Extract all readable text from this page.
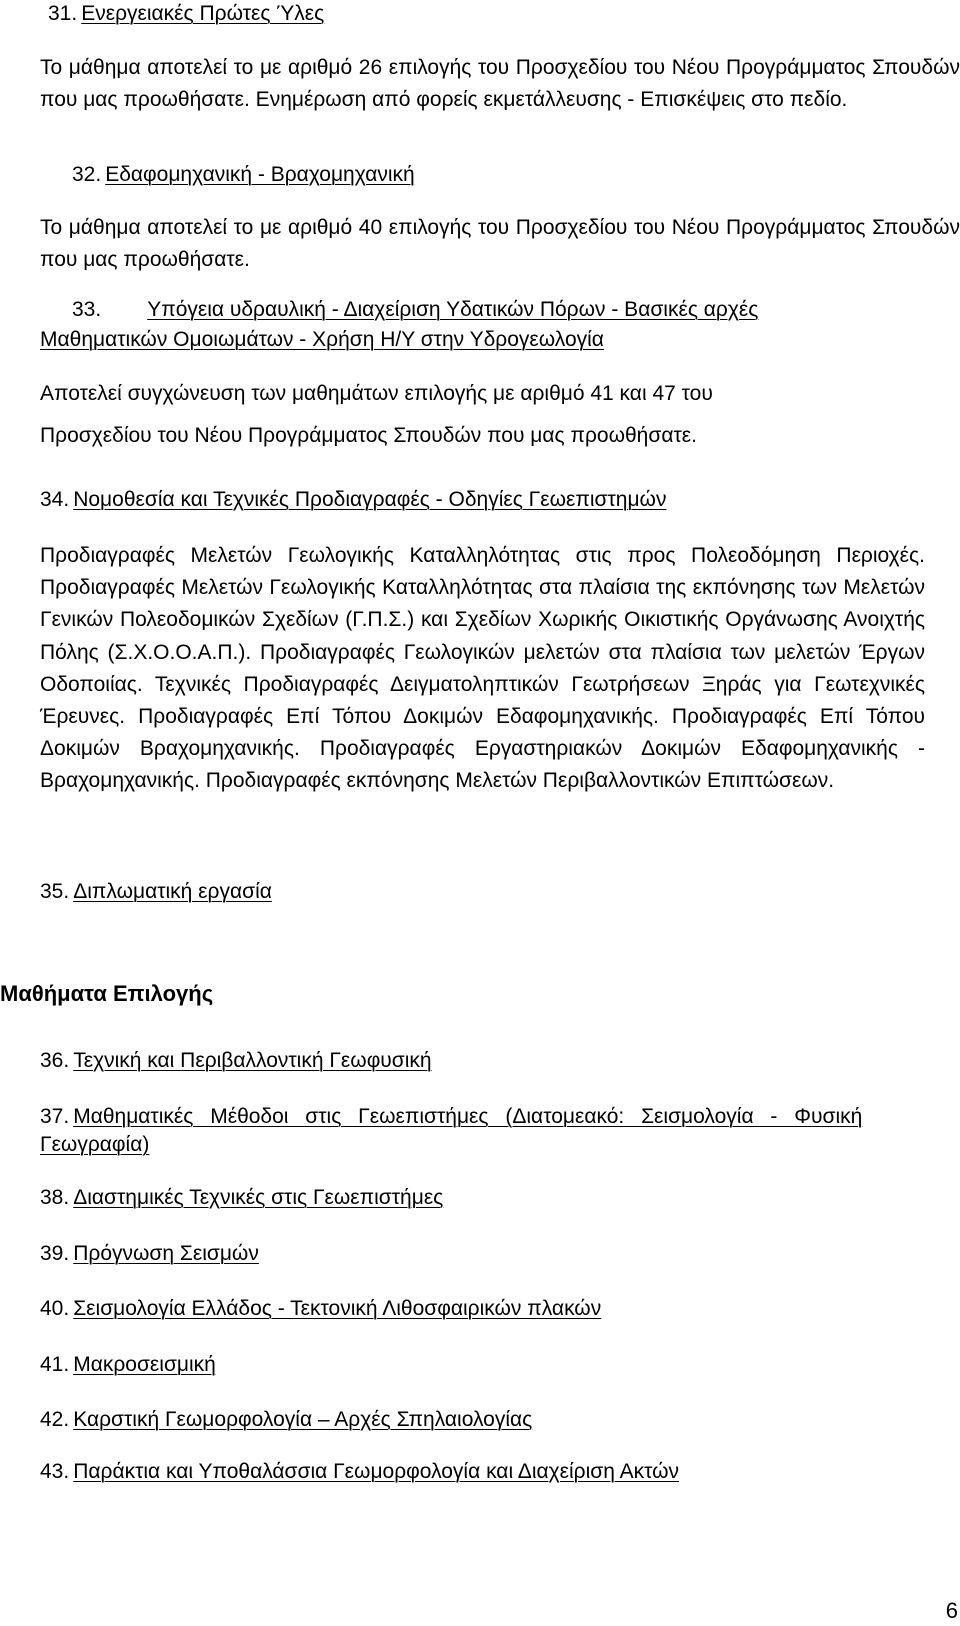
31. Ενεργειακές Πρώτες Ύλες

Το μάθημα αποτελεί το με αριθμό 26 επιλογής του Προσχεδίου του Νέου Προγράμματος Σπουδών που μας προωθήσατε. Ενημέρωση από φορείς εκμετάλλευσης - Επισκέψεις στο πεδίο.

32. Εδαφομηχανική - Βραχομηχανική

Το μάθημα αποτελεί το με αριθμό 40 επιλογής του Προσχεδίου του Νέου Προγράμματος Σπουδών που μας προωθήσατε.

33. Υπόγεια υδραυλική - Διαχείριση Υδατικών Πόρων - Βασικές αρχές
Μαθηματικών Ομοιωμάτων - Χρήση Η/Υ στην Υδρογεωλογία

Αποτελεί συγχώνευση των μαθημάτων επιλογής με αριθμό 41 και 47 του Προσχεδίου του Νέου Προγράμματος Σπουδών που μας προωθήσατε.

34. Νομοθεσία και Τεχνικές Προδιαγραφές - Οδηγίες Γεωεπιστημών

Προδιαγραφές Μελετών Γεωλογικής Καταλληλότητας στις προς Πολεοδόμηση Περιοχές. Προδιαγραφές Μελετών Γεωλογικής Καταλληλότητας στα πλαίσια της εκπόνησης των Μελετών Γενικών Πολεοδομικών Σχεδίων (Γ.Π.Σ.) και Σχεδίων Χωρικής Οικιστικής Οργάνωσης Ανοιχτής Πόλης (Σ.Χ.Ο.Ο.Α.Π.). Προδιαγραφές Γεωλογικών μελετών στα πλαίσια των μελετών Έργων Οδοποιίας. Τεχνικές Προδιαγραφές Δειγματοληπτικών Γεωτρήσεων Ξηράς για Γεωτεχνικές Έρευνες. Προδιαγραφές Επί Τόπου Δοκιμών Εδαφομηχανικής. Προδιαγραφές Επί Τόπου Δοκιμών Βραχομηχανικής. Προδιαγραφές Εργαστηριακών Δοκιμών Εδαφομηχανικής - Βραχομηχανικής. Προδιαγραφές εκπόνησης Μελετών Περιβαλλοντικών Επιπτώσεων.

35. Διπλωματική εργασία
Μαθήματα Επιλογής
36. Τεχνική και Περιβαλλοντική Γεωφυσική
37. Μαθηματικές Μέθοδοι στις Γεωεπιστήμες (Διατομεακό: Σεισμολογία - Φυσική
Γεωγραφία)
38. Διαστημικές Τεχνικές στις Γεωεπιστήμες
39. Πρόγνωση Σεισμών
40. Σεισμολογία Ελλάδος - Τεκτονική Λιθοσφαιρικών πλακών
41. Μακροσεισμική
42. Καρστική Γεωμορφολογία – Αρχές Σπηλαιολογίας
43. Παράκτια και Υποθαλάσσια Γεωμορφολογία και Διαχείριση Ακτών
6
